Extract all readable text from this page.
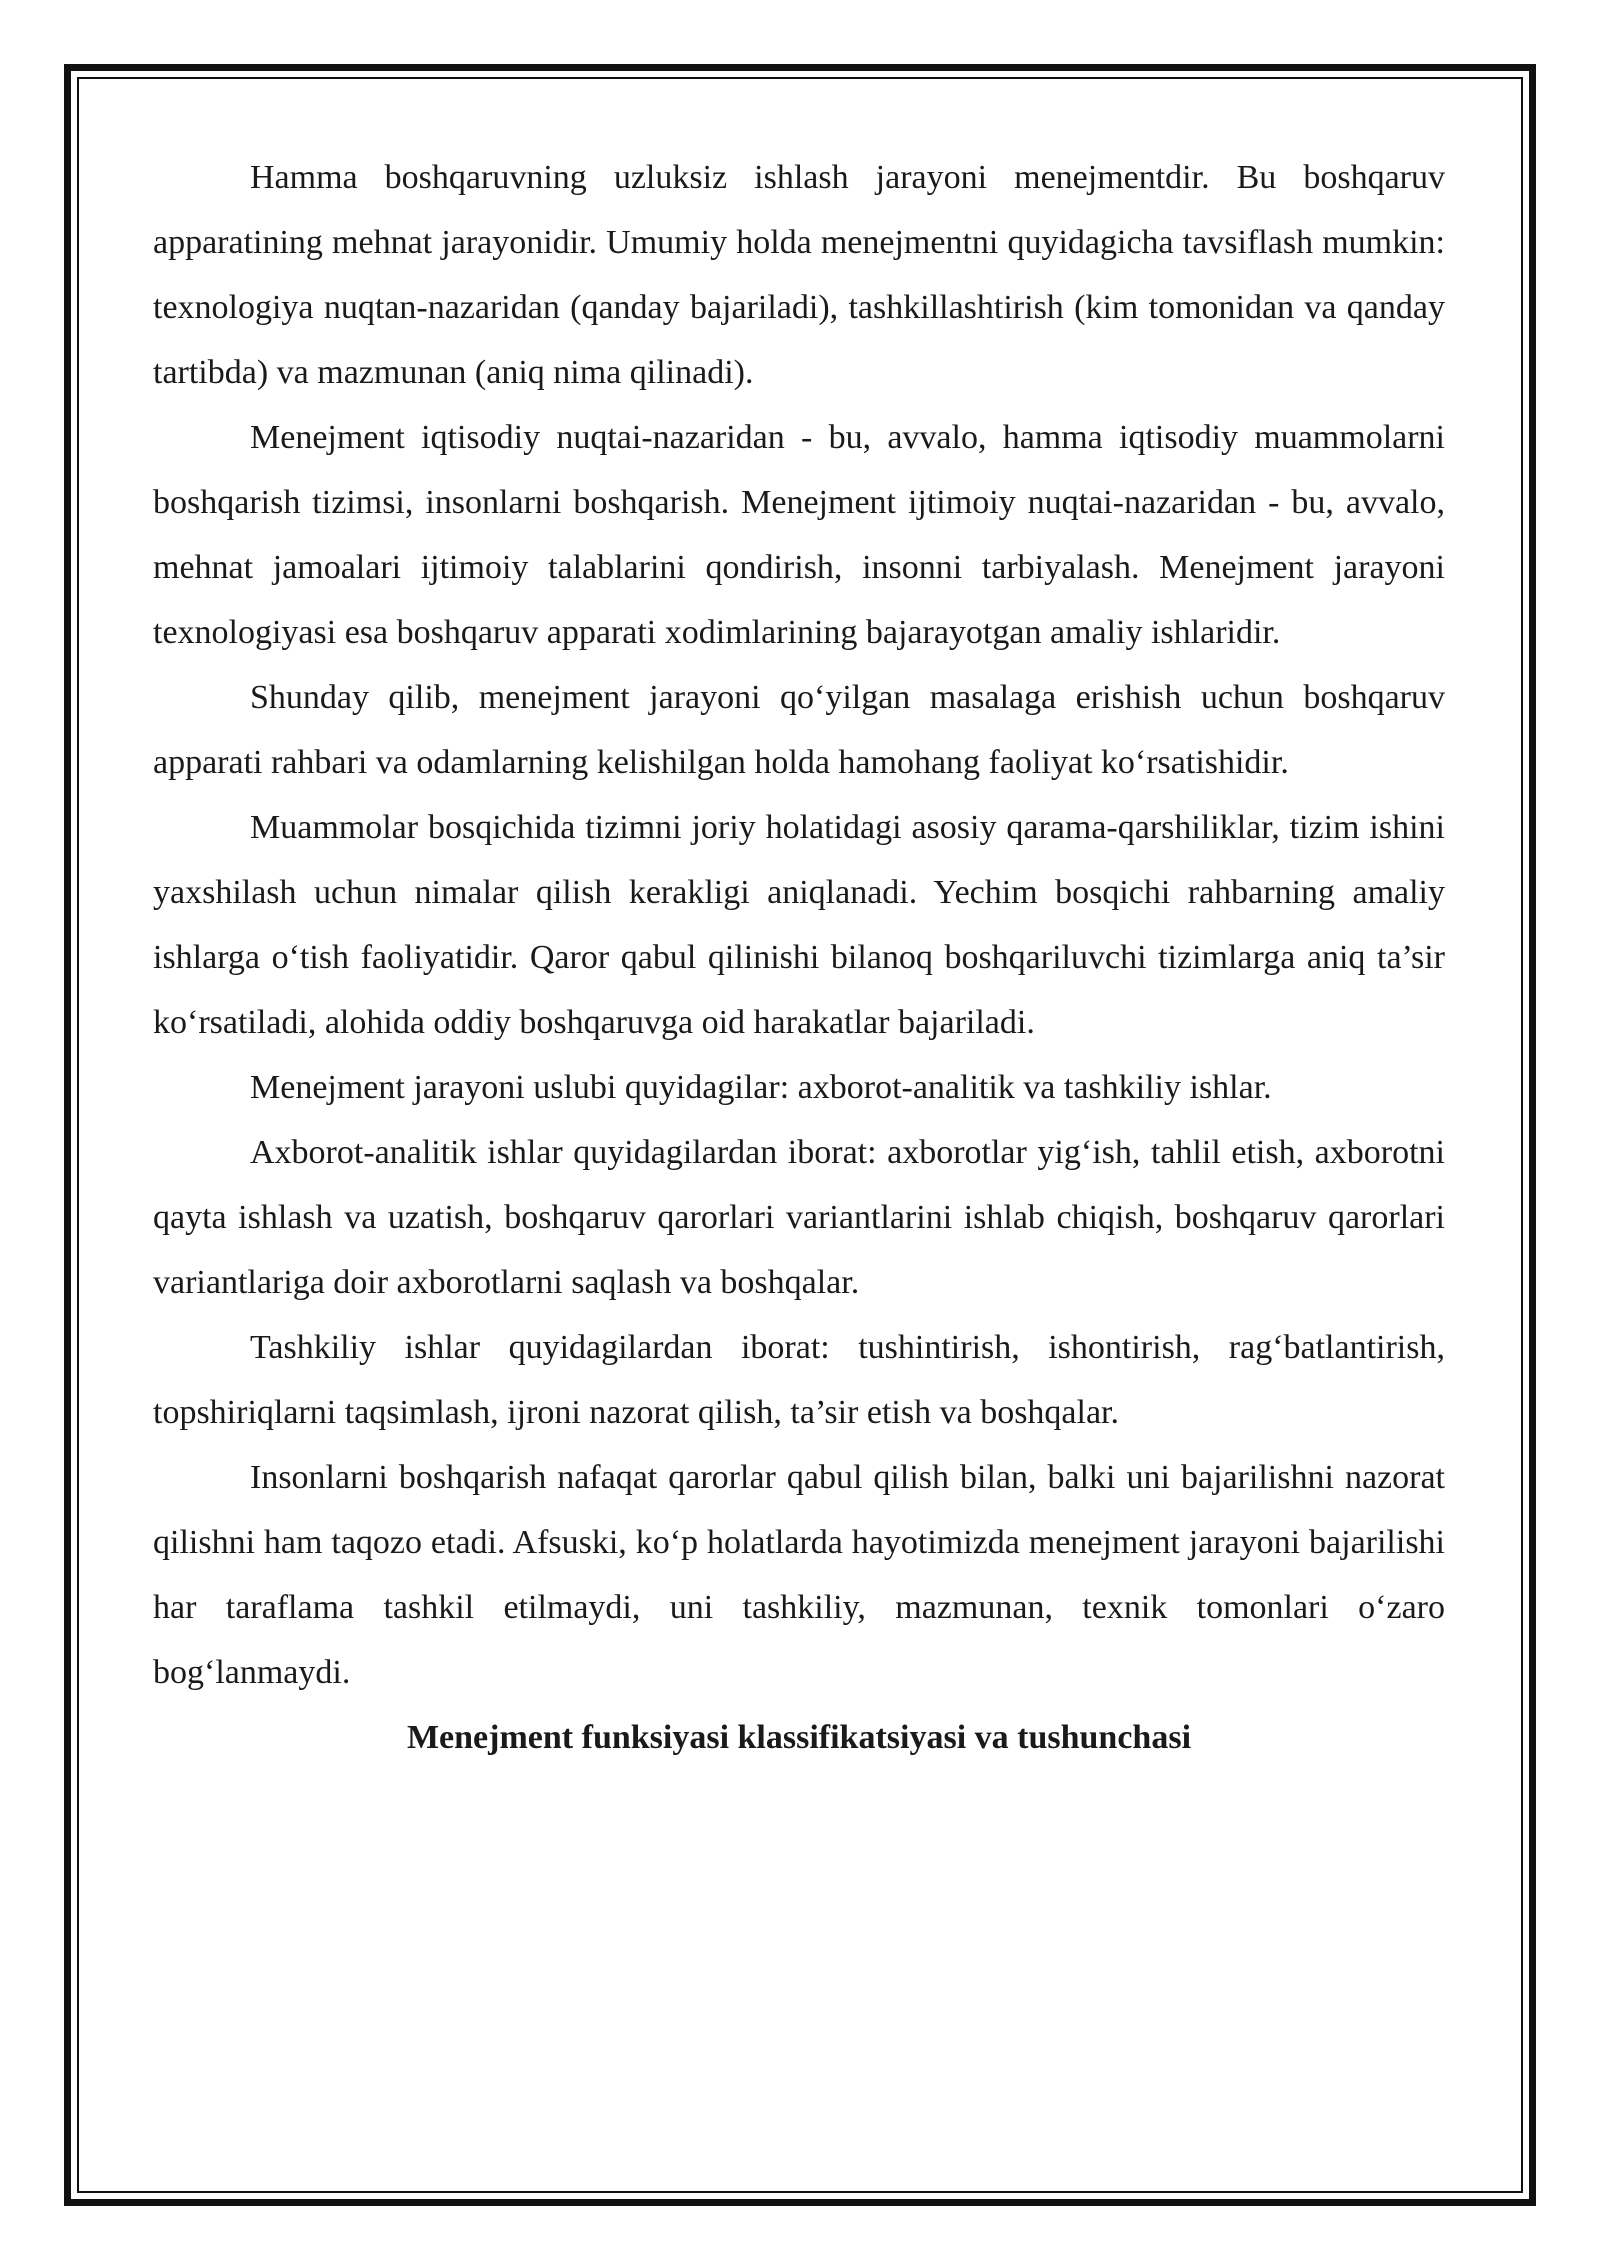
Hamma boshqaruvning uzluksiz ishlash jarayoni menejmentdir. Bu boshqaruv apparatining mehnat jarayonidir. Umumiy holda menejmentni quyidagicha tavsiflash mumkin: texnologiya nuqtan-nazaridan (qanday bajariladi), tashkillashtirish (kim tomonidan va qanday tartibda) va mazmunan (aniq nima qilinadi).

Menejment iqtisodiy nuqtai-nazaridan - bu, avvalo, hamma iqtisodiy muammolarni boshqarish tizimsi, insonlarni boshqarish. Menejment ijtimoiy nuqtai-nazaridan - bu, avvalo, mehnat jamoalari ijtimoiy talablarini qondirish, insonni tarbiyalash. Menejment jarayoni texnologiyasi esa boshqaruv apparati xodimlarining bajarayotgan amaliy ishlaridir.

Shunday qilib, menejment jarayoni qo‘yilgan masalaga erishish uchun boshqaruv apparati rahbari va odamlarning kelishilgan holda hamohang faoliyat ko‘rsatishidir.

Muammolar bosqichida tizimni joriy holatidagi asosiy qarama-qarshiliklar, tizim ishini yaxshilash uchun nimalar qilish kerakligi aniqlanadi. Yechim bosqichi rahbarning amaliy ishlarga o‘tish faoliyatidir. Qaror qabul qilinishi bilanoq boshqariluvchi tizimlarga aniq ta’sir ko‘rsatiladi, alohida oddiy boshqaruvga oid harakatlar bajariladi.

Menejment jarayoni uslubi quyidagilar: axborot-analitik va tashkiliy ishlar.

Axborot-analitik ishlar quyidagilardan iborat: axborotlar yig‘ish, tahlil etish, axborotni qayta ishlash va uzatish, boshqaruv qarorlari variantlarini ishlab chiqish, boshqaruv qarorlari variantlariga doir axborotlarni saqlash va boshqalar.

Tashkiliy ishlar quyidagilardan iborat: tushintirish, ishontirish, rag‘batlantirish, topshiriqlarni taqsimlash, ijroni nazorat qilish, ta’sir etish va boshqalar.

Insonlarni boshqarish nafaqat qarorlar qabul qilish bilan, balki uni bajarilishni nazorat qilishni ham taqozo etadi. Afsuski, ko‘p holatlarda hayotimizda menejment jarayoni bajarilishi har taraflama tashkil etilmaydi, uni tashkiliy, mazmunan, texnik tomonlari o‘zaro bog‘lanmaydi.

Menejment funksiyasi klassifikatsiyasi va tushunchasi
